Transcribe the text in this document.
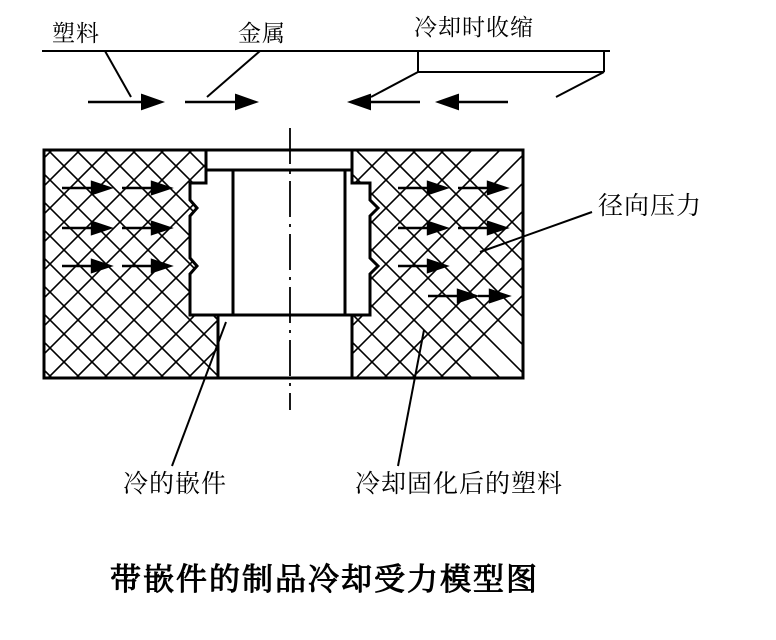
塑料	金属	冷却时收缩
径向压力
冷的嵌件	冷却固化后的塑料
带嵌件的制品冷却受力模型图
